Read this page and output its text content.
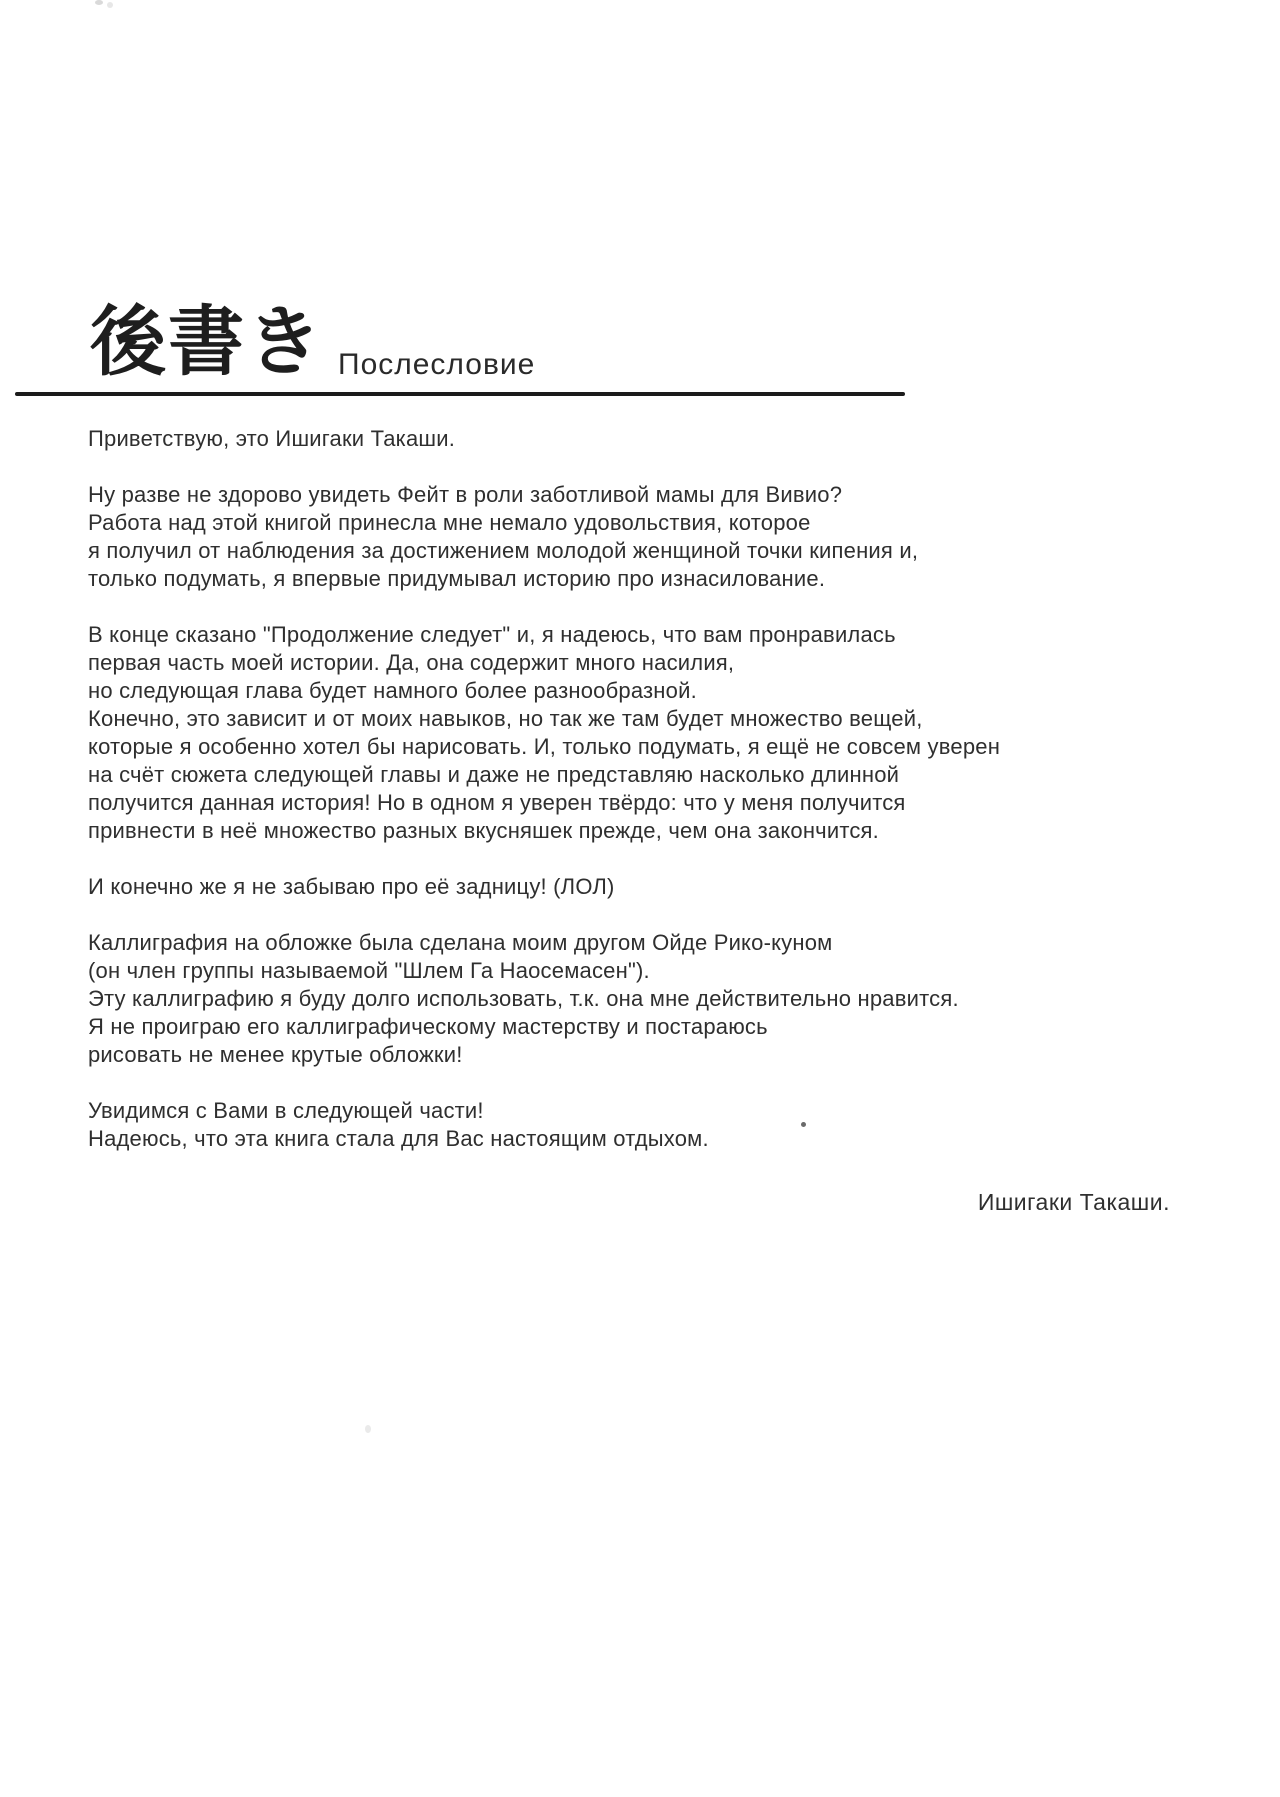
後書き Послесловие

Приветствую, это Ишигаки Такаши.

Ну разве не здорово увидеть Фейт в роли заботливой мамы для Вивио?
Работа над этой книгой принесла мне немало удовольствия, которое
я получил от наблюдения за достижением молодой женщиной точки кипения и,
только подумать, я впервые придумывал историю про изнасилование.

В конце сказано "Продолжение следует" и, я надеюсь, что вам пронравилась
первая часть моей истории. Да, она содержит много насилия,
но следующая глава будет намного более разнообразной.
Конечно, это зависит и от моих навыков, но так же там будет множество вещей,
которые я особенно хотел бы нарисовать. И, только подумать, я ещё не совсем уверен
на счёт сюжета следующей главы и даже не представляю насколько длинной
получится данная история! Но в одном я уверен твёрдо: что у меня получится
привнести в неё множество разных вкусняшек прежде, чем она закончится.

И конечно же я не забываю про её задницу! (ЛОЛ)

Каллиграфия на обложке была сделана моим другом Ойде Рико-куном
(он член группы называемой "Шлем Га Наосемасен").
Эту каллиграфию я буду долго использовать, т.к. она мне действительно нравится.
Я не проиграю его каллиграфическому мастерству и постараюсь
рисовать не менее крутые обложки!

Увидимся с Вами в следующей части!
Надеюсь, что эта книга стала для Вас настоящим отдыхом.

Ишигаки Такаши.
